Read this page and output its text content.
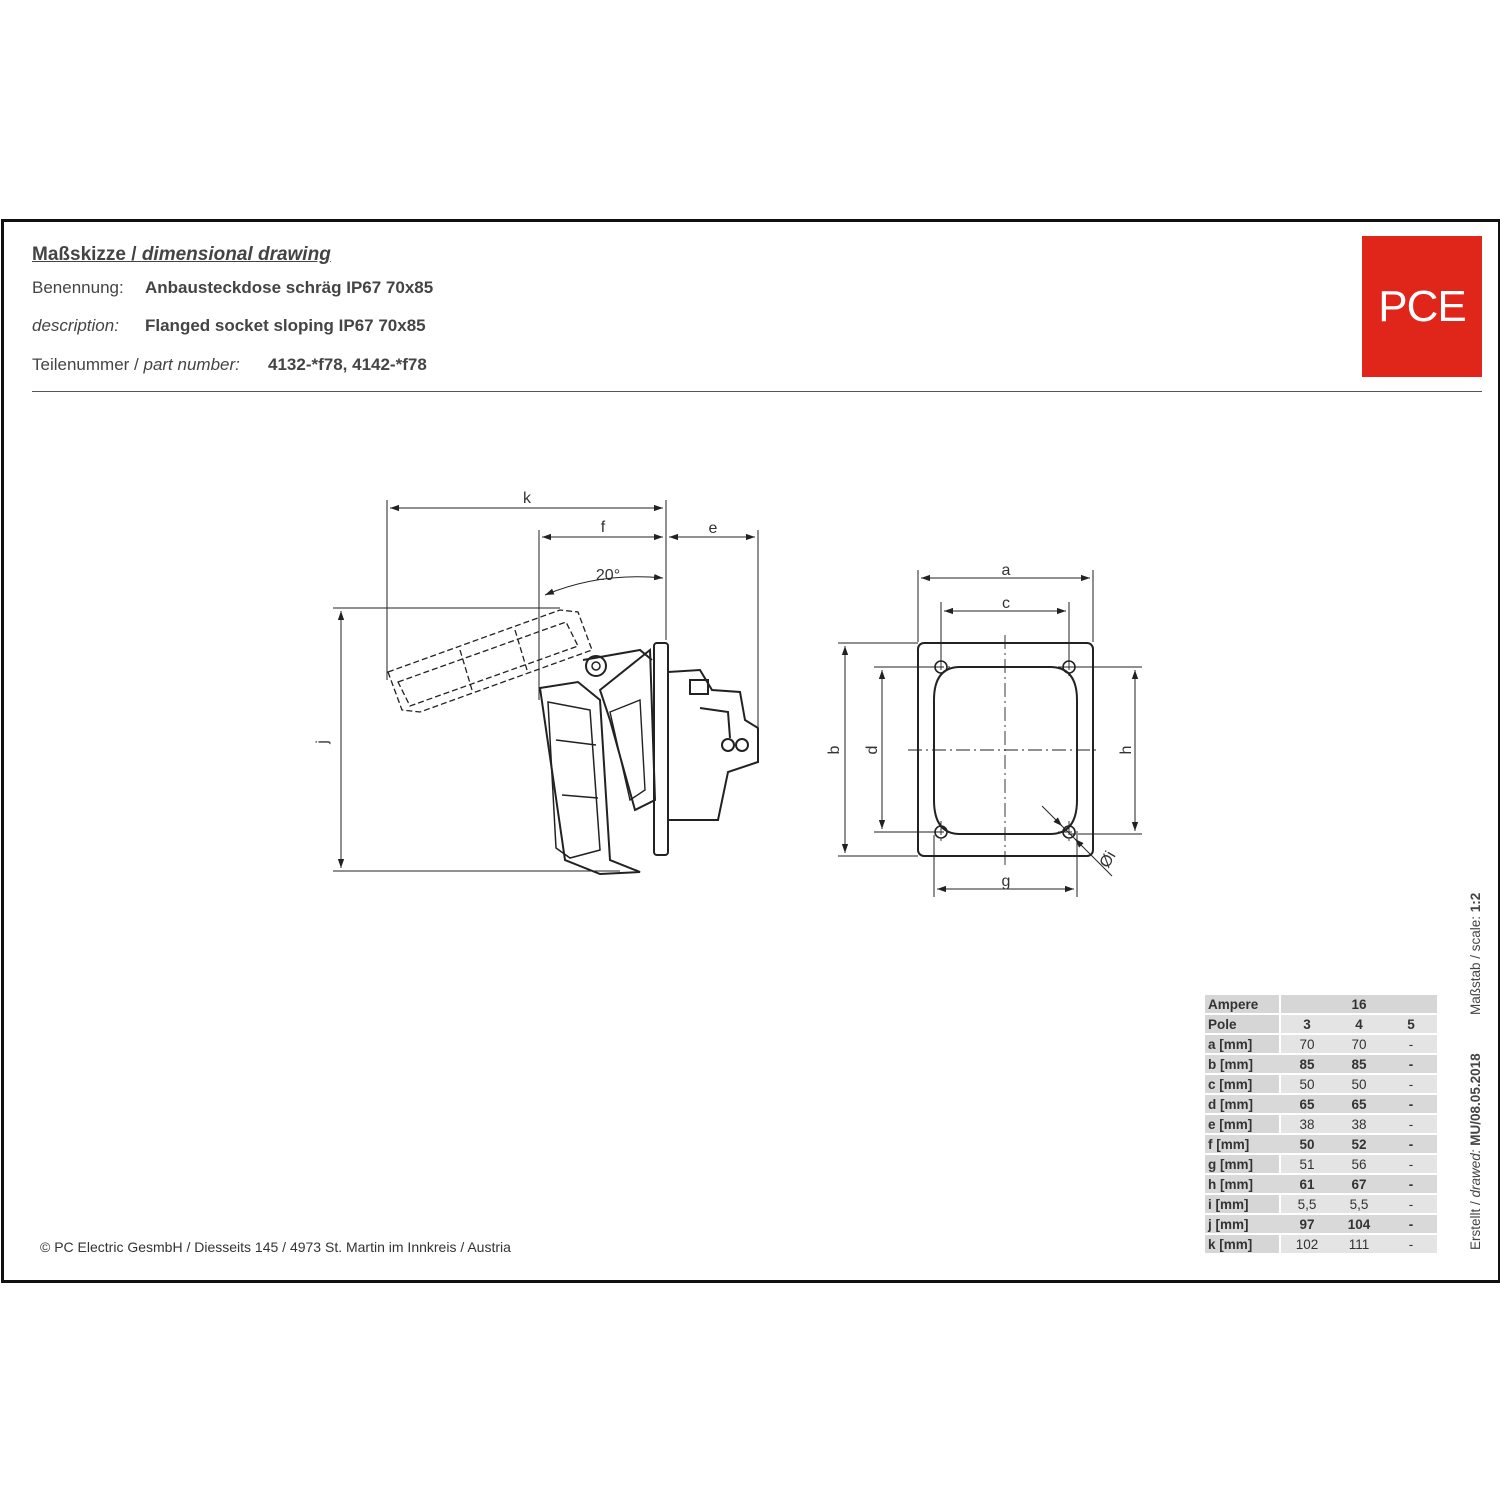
Maßskizze / dimensional drawing
Benennung: Anbausteckdose schräg IP67 70x85
description: Flanged socket sloping IP67 70x85
Teilenummer / part number: 4132-*f78, 4142-*f78
PCE
Ampere		16		
Pole		3	4	5
a [mm]		70	70	-
b [mm]		85	85	-
c [mm]		50	50	-
d [mm]		65	65	-
e [mm]		38	38	-
f [mm]		50	52	-
g [mm]		51	56	-
h [mm]		61	67	-
i [mm]		5,5	5,5	-
j [mm]		97	104	-
k [mm]		102	111	-	Erstellt / drawed: MU/08.05.2018
Maßstab / scale: 1:2
© PC Electric GesmbH / Diesseits 145 / 4973 St. Martin im Innkreis / Austria
k
f	e
20°
j
a
c
b d	h
g
Øi
